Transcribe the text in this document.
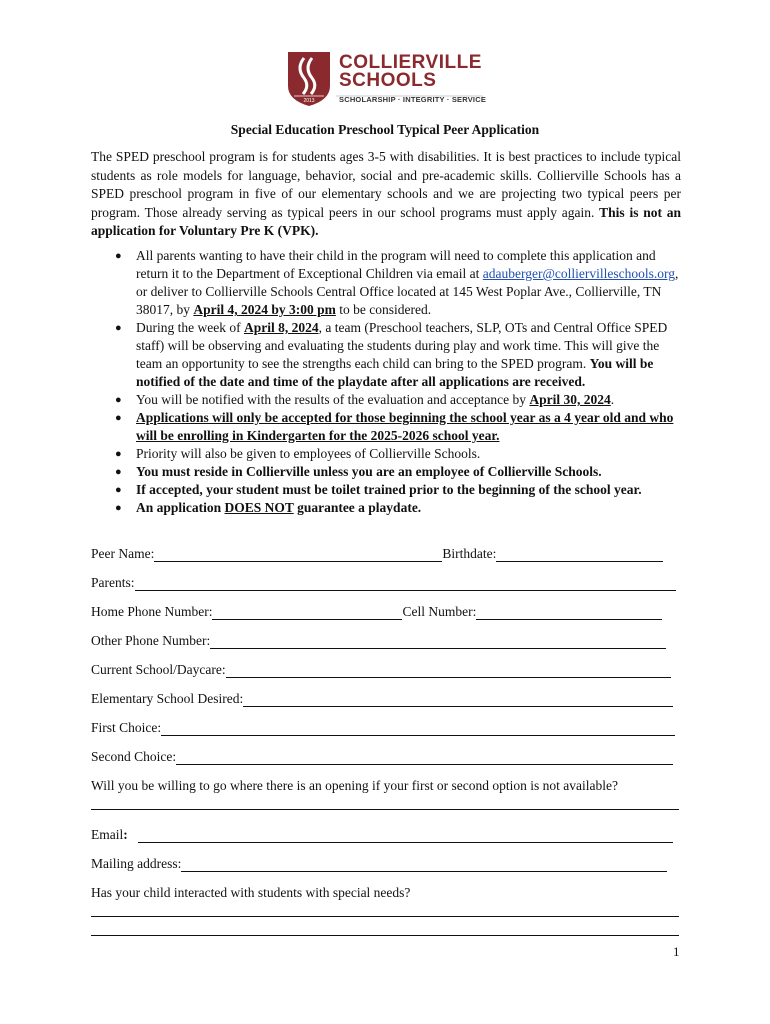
2013
COLLIERVILLE
SCHOOLS
SCHOLARSHIP · INTEGRITY · SERVICE
Special Education Preschool Typical Peer Application
The SPED preschool program is for students ages 3-5 with disabilities. It is best practices to include typical students as role models for language, behavior, social and pre-academic skills. Collierville Schools has a SPED preschool program in five of our elementary schools and we are projecting two typical peers per program. Those already serving as typical peers in our school programs must apply again. This is not an application for Voluntary Pre K (VPK).
● All parents wanting to have their child in the program will need to complete this application and return it to the Department of Exceptional Children via email at adauberger@colliervilleschools.org, or deliver to Collierville Schools Central Office located at 145 West Poplar Ave., Collierville, TN 38017, by April 4, 2024 by 3:00 pm to be considered.
● During the week of April 8, 2024, a team (Preschool teachers, SLP, OTs and Central Office SPED staff) will be observing and evaluating the students during play and work time. This will give the team an opportunity to see the strengths each child can bring to the SPED program. You will be notified of the date and time of the playdate after all applications are received.
● You will be notified with the results of the evaluation and acceptance by April 30, 2024.
● Applications will only be accepted for those beginning the school year as a 4 year old and who will be enrolling in Kindergarten for the 2025-2026 school year.
● Priority will also be given to employees of Collierville Schools.
● You must reside in Collierville unless you are an employee of Collierville Schools.
● If accepted, your student must be toilet trained prior to the beginning of the school year.
● An application DOES NOT guarantee a playdate.
Peer Name:	Birthdate:
Parents:
Home Phone Number:	Cell Number:
Other Phone Number:
Current School/Daycare:
Elementary School Desired:
First Choice:
Second Choice:
Will you be willing to go where there is an opening if your first or second option is not available?
Email :
Mailing address:
Has your child interacted with students with special needs?
1
